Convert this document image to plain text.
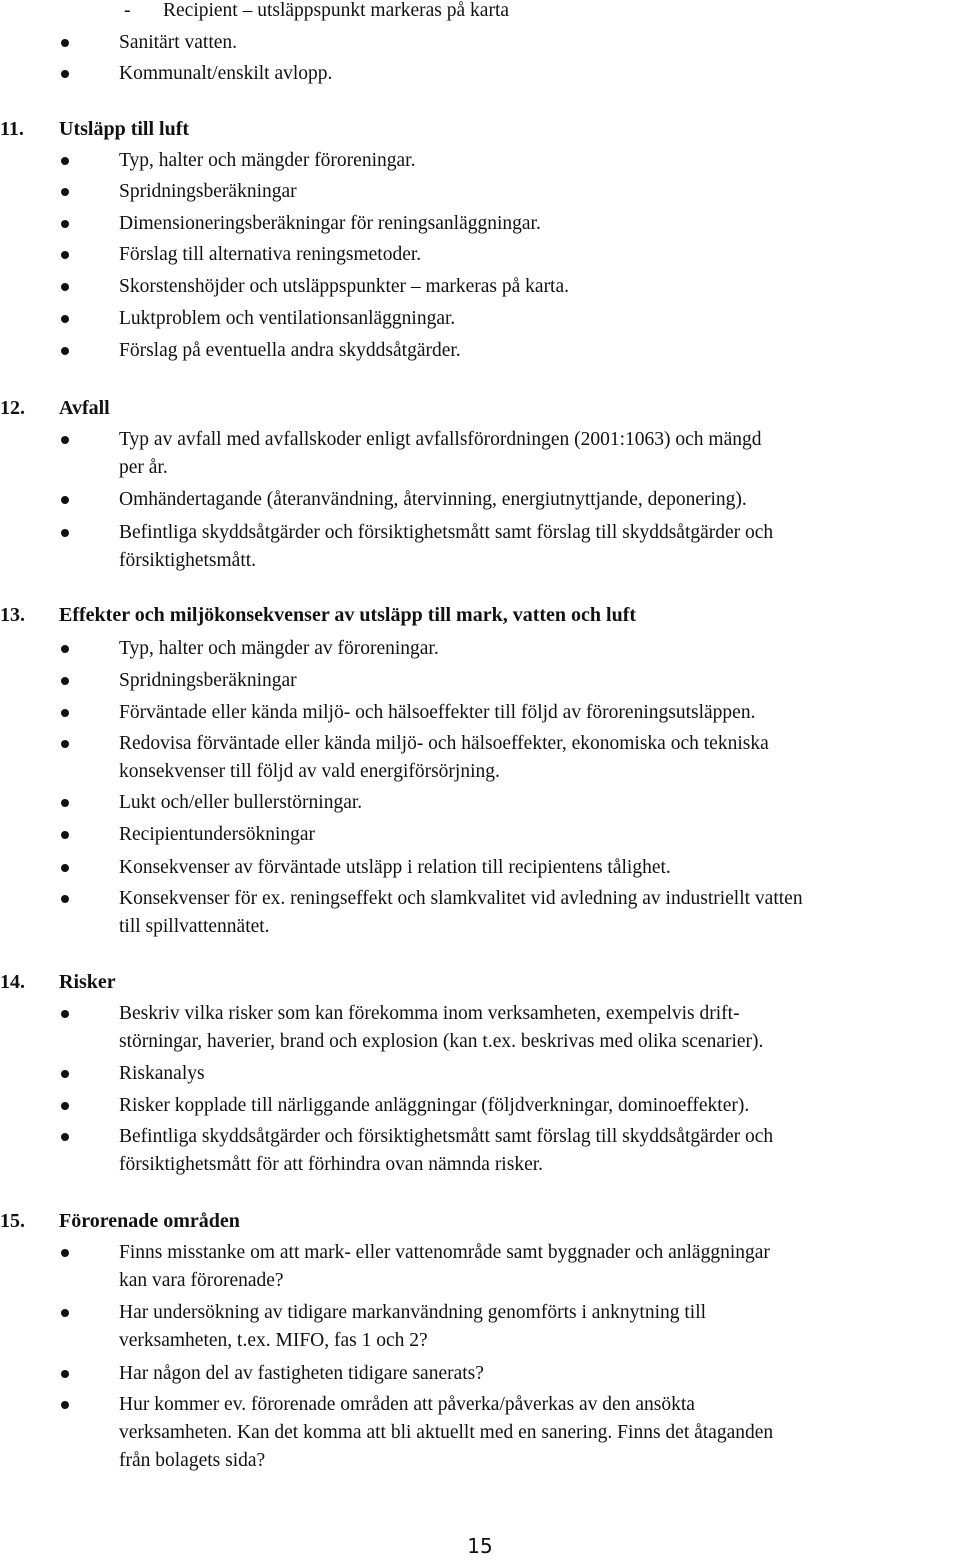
- Recipient – utsläppspunkt markeras på karta
Sanitärt vatten.
Kommunalt/enskilt avlopp.
11. Utsläpp till luft
Typ, halter och mängder föroreningar.
Spridningsberäkningar
Dimensioneringsberäkningar för reningsanläggningar.
Förslag till alternativa reningsmetoder.
Skorstenshöjder och utsläppspunkter – markeras på karta.
Luktproblem och ventilationsanläggningar.
Förslag på eventuella andra skyddsåtgärder.
12. Avfall
Typ av avfall med avfallskoder enligt avfallsförordningen (2001:1063) och mängd
per år.
Omhändertagande (återanvändning, återvinning, energiutnyttjande, deponering).
Befintliga skyddsåtgärder och försiktighetsmått samt förslag till skyddsåtgärder och
försiktighetsmått.
13. Effekter och miljökonsekvenser av utsläpp till mark, vatten och luft
Typ, halter och mängder av föroreningar.
Spridningsberäkningar
Förväntade eller kända miljö- och hälsoeffekter till följd av föroreningsutsläppen.
Redovisa förväntade eller kända miljö- och hälsoeffekter, ekonomiska och tekniska
konsekvenser till följd av vald energiförsörjning.
Lukt och/eller bullerstörningar.
Recipientundersökningar
Konsekvenser av förväntade utsläpp i relation till recipientens tålighet.
Konsekvenser för ex. reningseffekt och slamkvalitet vid avledning av industriellt vatten
till spillvattennätet.
14. Risker
Beskriv vilka risker som kan förekomma inom verksamheten, exempelvis drift-
störningar, haverier, brand och explosion (kan t.ex. beskrivas med olika scenarier).
Riskanalys
Risker kopplade till närliggande anläggningar (följdverkningar, dominoeffekter).
Befintliga skyddsåtgärder och försiktighetsmått samt förslag till skyddsåtgärder och
försiktighetsmått för att förhindra ovan nämnda risker.
15. Förorenade områden
Finns misstanke om att mark- eller vattenområde samt byggnader och anläggningar
kan vara förorenade?
Har undersökning av tidigare markanvändning genomförts i anknytning till
verksamheten, t.ex. MIFO, fas 1 och 2?
Har någon del av fastigheten tidigare sanerats?
Hur kommer ev. förorenade områden att påverka/påverkas av den ansökta
verksamheten. Kan det komma att bli aktuellt med en sanering. Finns det åtaganden
från bolagets sida?
15
